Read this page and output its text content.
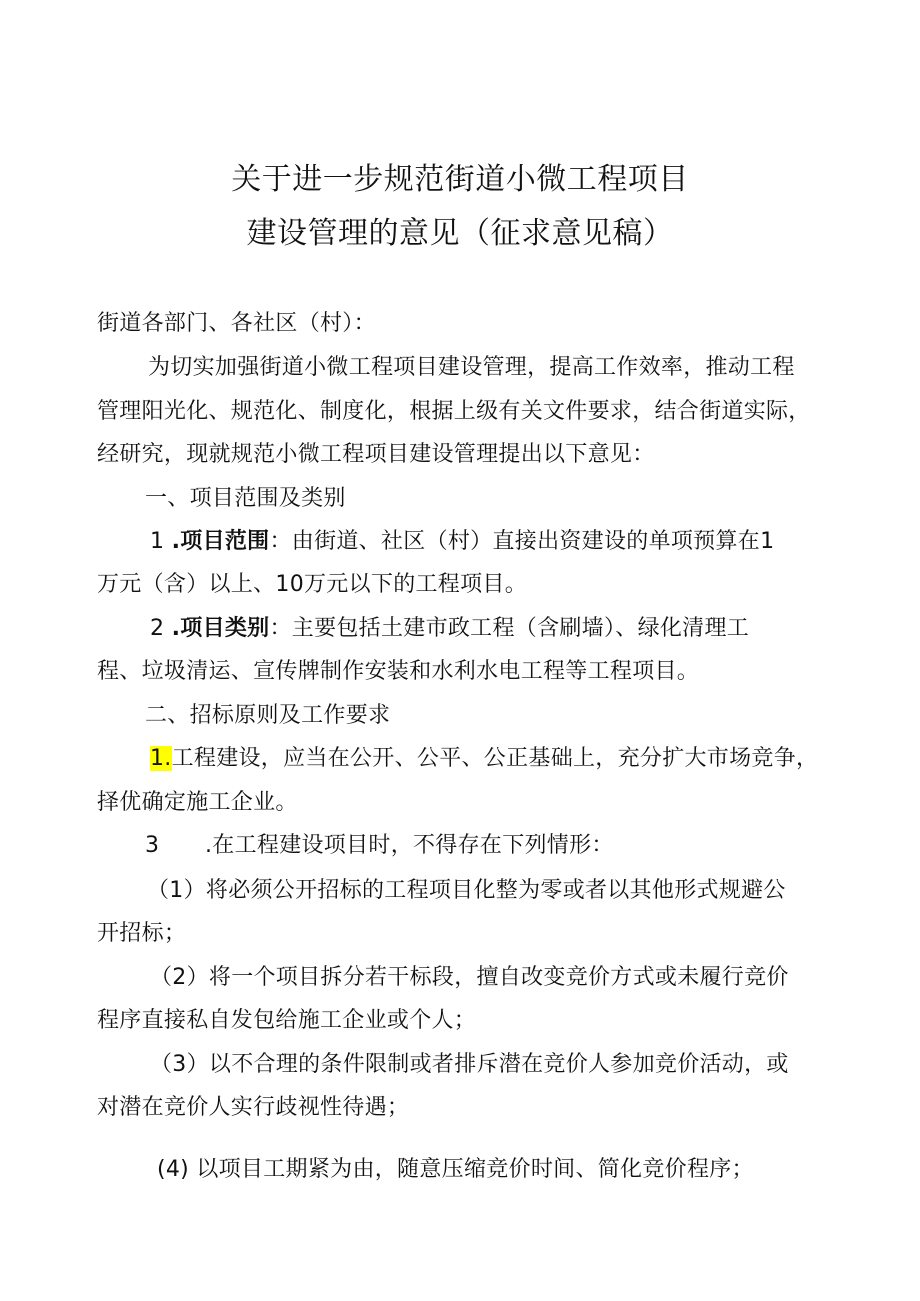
关于进一步规范街道小微工程项目
建设管理的意见（征求意见稿）
街道各部门、各社区（村）：
为切实加强街道小微工程项目建设管理，提高工作效率，推动工程
管理阳光化、规范化、制度化，根据上级有关文件要求，结合街道实际，
经研究，现就规范小微工程项目建设管理提出以下意见：
一、项目范围及类别
1 .项目范围：由街道、社区（村）直接出资建设的单项预算在1
万元（含）以上、10万元以下的工程项目。
2 .项目类别：主要包括土建市政工程（含刷墙）、绿化清理工
程、垃圾清运、宣传牌制作安装和水利水电工程等工程项目。
二、招标原则及工作要求
1.工程建设，应当在公开、公平、公正基础上，充分扩大市场竞争，
择优确定施工企业。
3 .在工程建设项目时，不得存在下列情形：
（1）将必须公开招标的工程项目化整为零或者以其他形式规避公
开招标；
（2）将一个项目拆分若干标段，擅自改变竞价方式或未履行竞价
程序直接私自发包给施工企业或个人；
（3）以不合理的条件限制或者排斥潜在竞价人参加竞价活动，或
对潜在竞价人实行歧视性待遇；
(4) 以项目工期紧为由，随意压缩竞价时间、简化竞价程序；
